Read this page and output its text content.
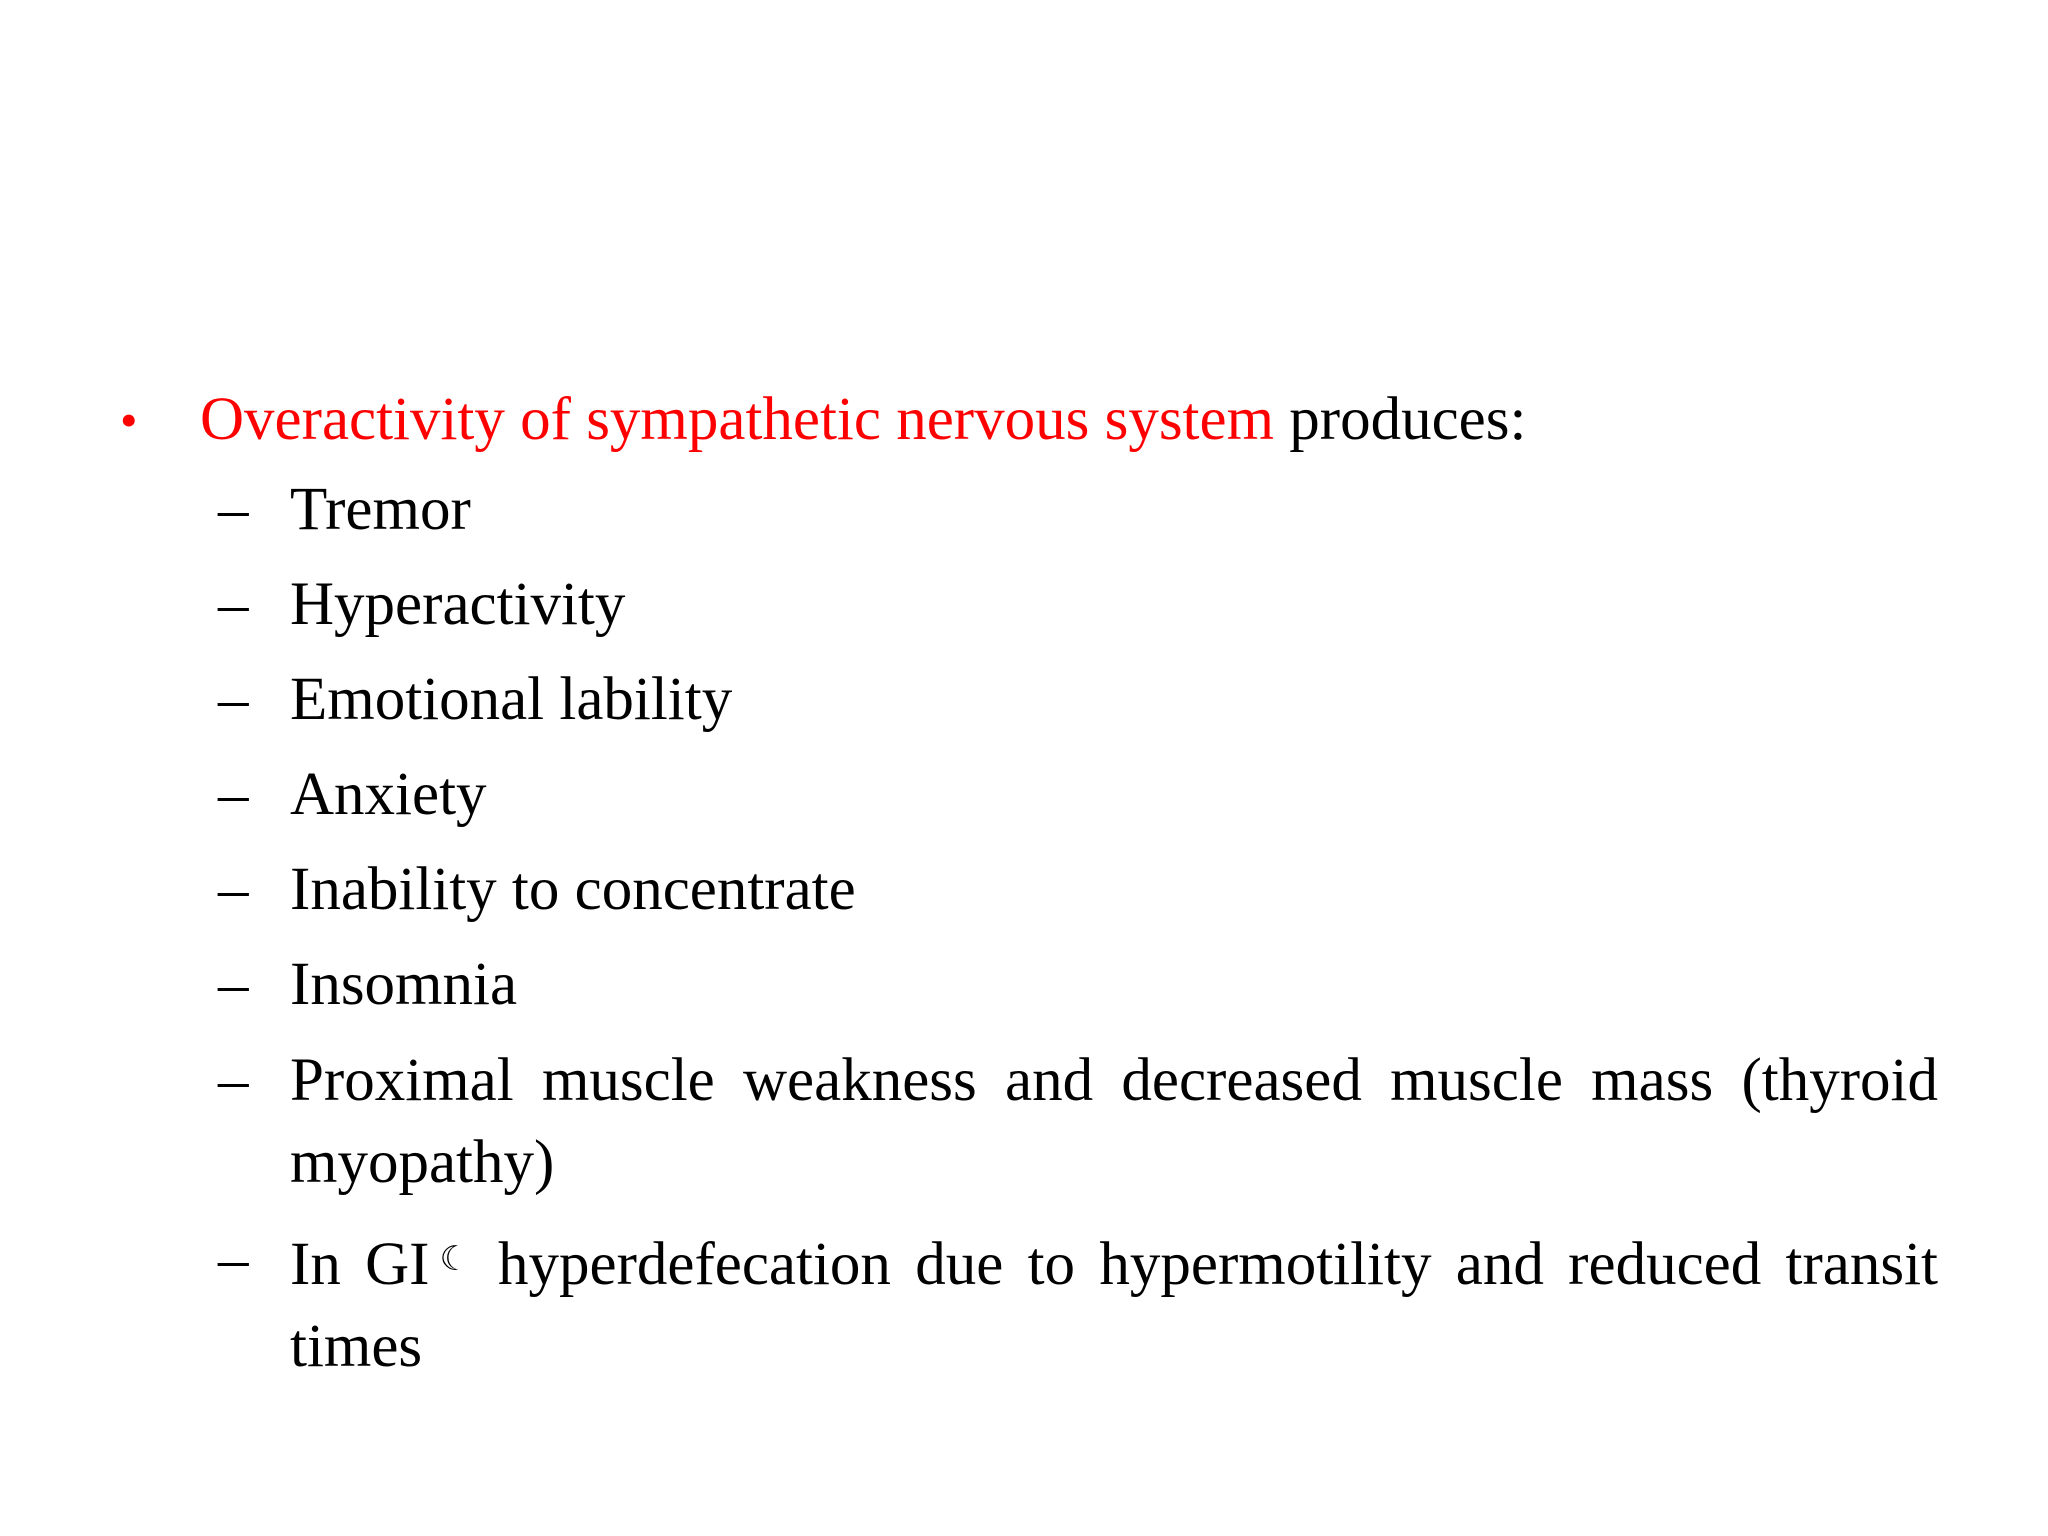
• Overactivity of sympathetic nervous system produces:
– Tremor
– Hyperactivity
– Emotional lability
– Anxiety
– Inability to concentrate
– Insomnia
– Proximal muscle weakness and decreased muscle mass (thyroid myopathy)
– In GI ☾ hyperdefecation due to hypermotility and reduced transit times
